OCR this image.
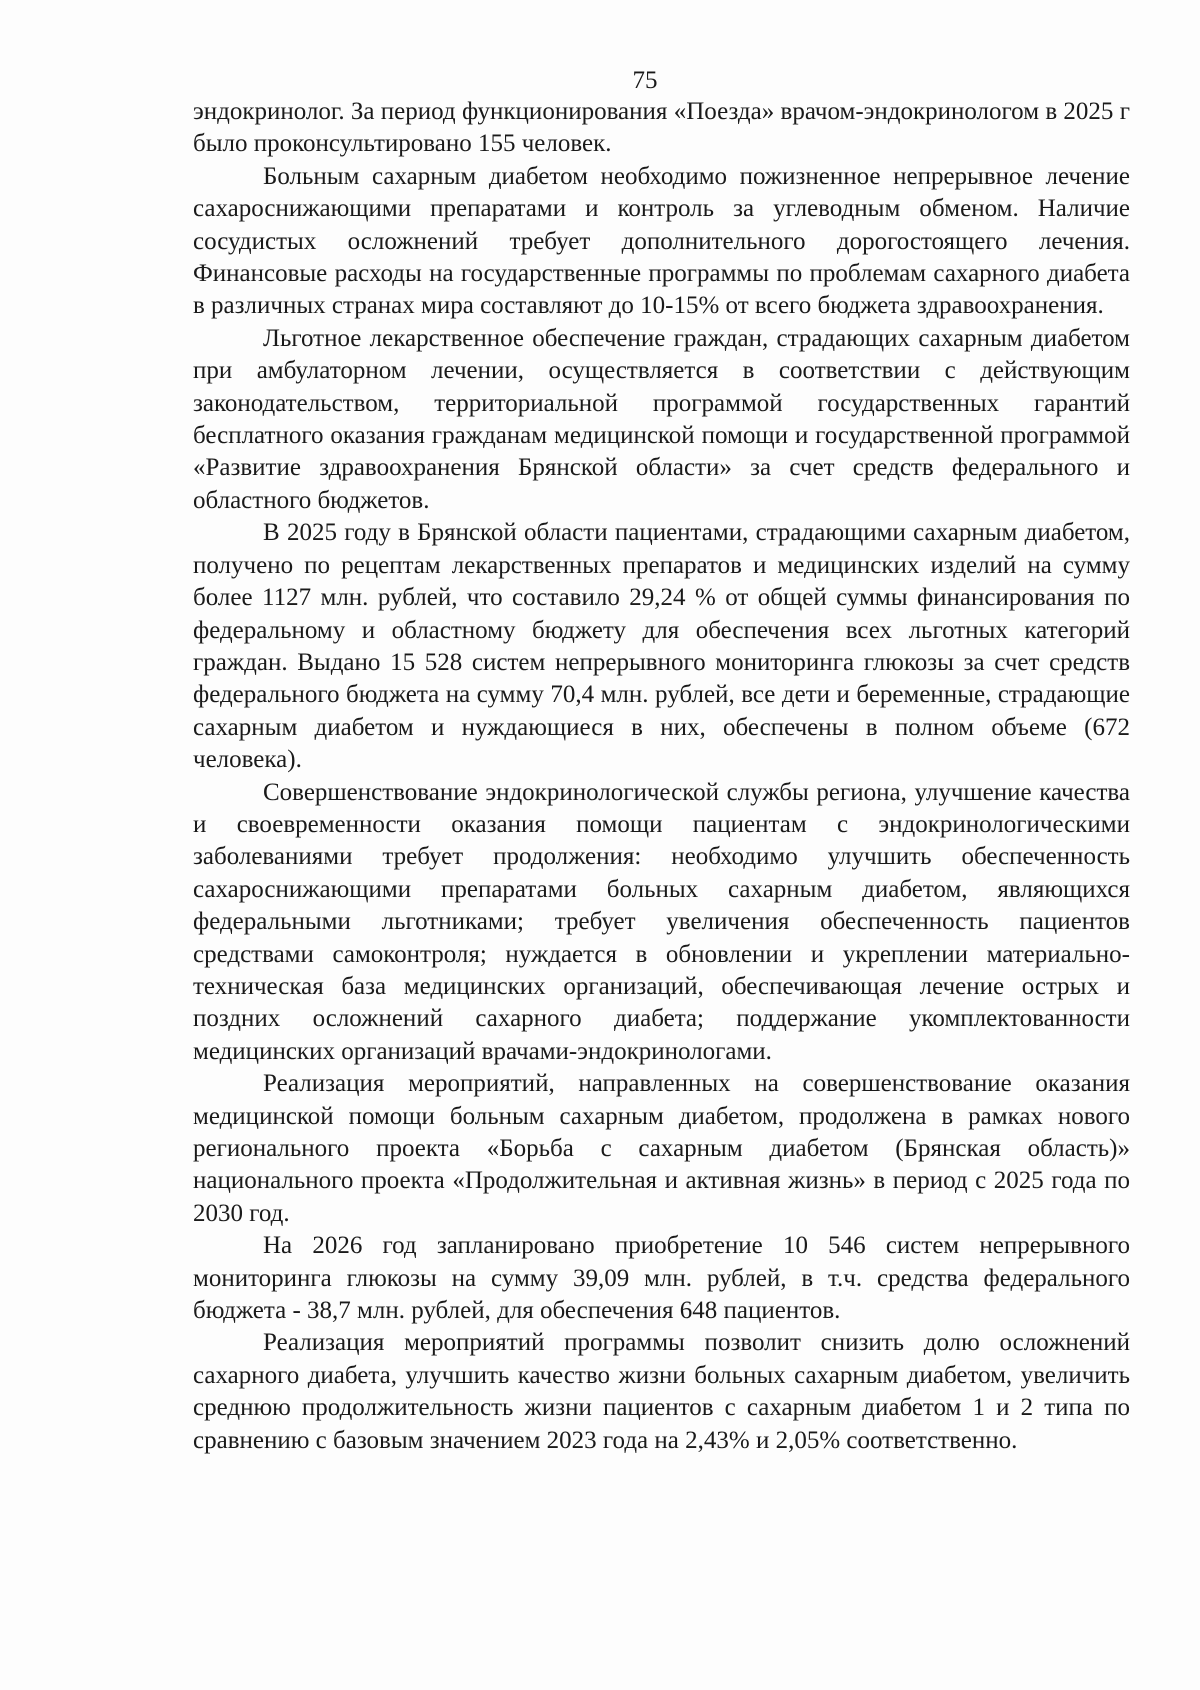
75

эндокринолог. За период функционирования «Поезда» врачом-эндокринологом в 2025 г было проконсультировано 155 человек.

Больным сахарным диабетом необходимо пожизненное непрерывное лечение сахароснижающими препаратами и контроль за углеводным обменом. Наличие сосудистых осложнений требует дополнительного дорогостоящего лечения. Финансовые расходы на государственные программы по проблемам сахарного диабета в различных странах мира составляют до 10-15% от всего бюджета здравоохранения.

Льготное лекарственное обеспечение граждан, страдающих сахарным диабетом при амбулаторном лечении, осуществляется в соответствии с действующим законодательством, территориальной программой государственных гарантий бесплатного оказания гражданам медицинской помощи и государственной программой «Развитие здравоохранения Брянской области» за счет средств федерального и областного бюджетов.

В 2025 году в Брянской области пациентами, страдающими сахарным диабетом, получено по рецептам лекарственных препаратов и медицинских изделий на сумму более 1127 млн. рублей, что составило 29,24 % от общей суммы финансирования по федеральному и областному бюджету для обеспечения всех льготных категорий граждан. Выдано 15 528 систем непрерывного мониторинга глюкозы за счет средств федерального бюджета на сумму 70,4 млн. рублей, все дети и беременные, страдающие сахарным диабетом и нуждающиеся в них, обеспечены в полном объеме (672 человека).

Совершенствование эндокринологической службы региона, улучшение качества и своевременности оказания помощи пациентам с эндокринологическими заболеваниями требует продолжения: необходимо улучшить обеспеченность сахароснижающими препаратами больных сахарным диабетом, являющихся федеральными льготниками; требует увеличения обеспеченность пациентов средствами самоконтроля; нуждается в обновлении и укреплении материально-техническая база медицинских организаций, обеспечивающая лечение острых и поздних осложнений сахарного диабета; поддержание укомплектованности медицинских организаций врачами-эндокринологами.

Реализация мероприятий, направленных на совершенствование оказания медицинской помощи больным сахарным диабетом, продолжена в рамках нового регионального проекта «Борьба с сахарным диабетом (Брянская область)» национального проекта «Продолжительная и активная жизнь» в период с 2025 года по 2030 год.

На 2026 год запланировано приобретение 10 546 систем непрерывного мониторинга глюкозы на сумму 39,09 млн. рублей, в т.ч. средства федерального бюджета - 38,7 млн. рублей, для обеспечения 648 пациентов.

Реализация мероприятий программы позволит снизить долю осложнений сахарного диабета, улучшить качество жизни больных сахарным диабетом, увеличить среднюю продолжительность жизни пациентов с сахарным диабетом 1 и 2 типа по сравнению с базовым значением 2023 года на 2,43% и 2,05% соответственно.
